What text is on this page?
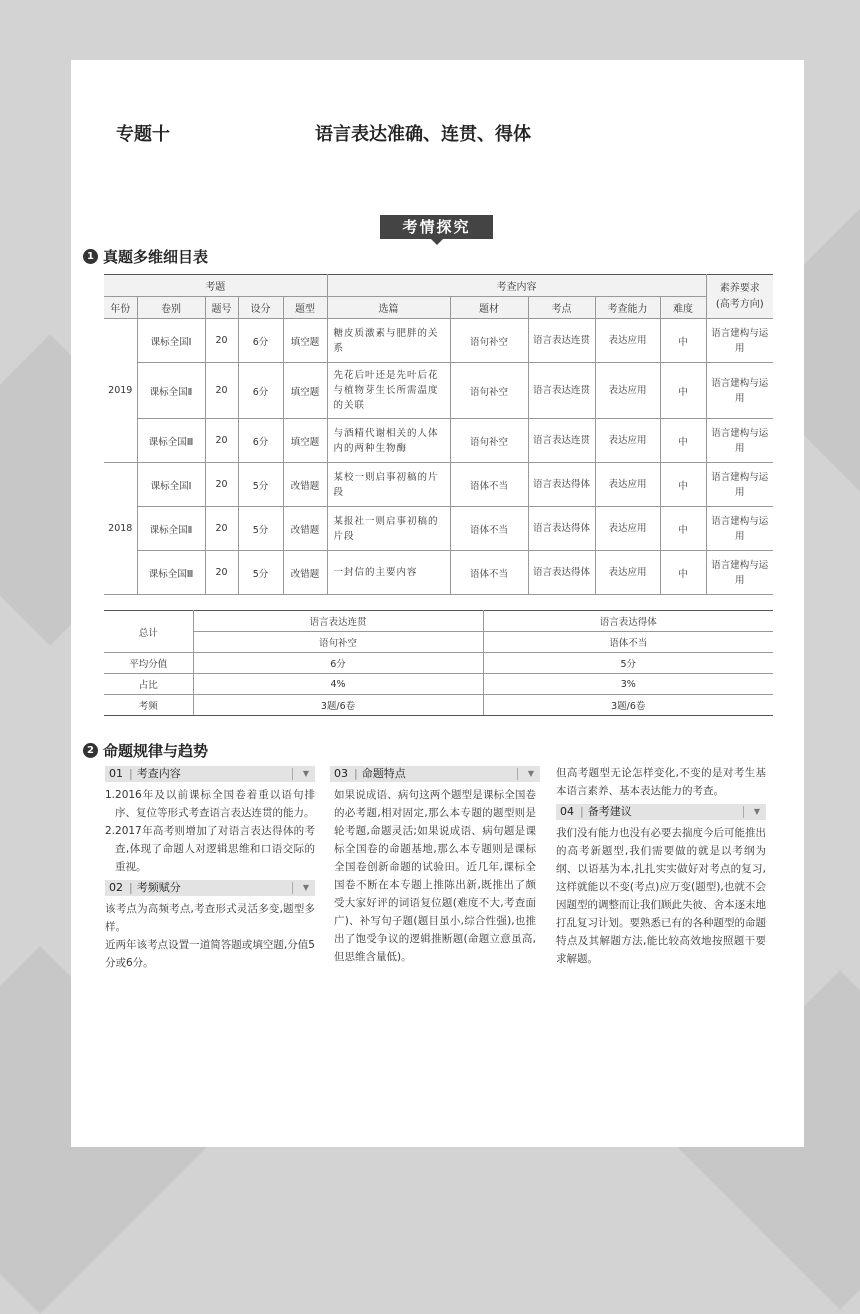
专题十	语言表达准确、连贯、得体
考情探究
1 真题多维细目表
考题					考查内容					素养要求
(高考方向)
年份	卷别	题号	设分	题型	选篇	题材	考点	考查能力	难度	
2019	课标全国Ⅰ	20	6分	填空题	糖皮质激素与肥胖的关系	语句补空	语言表达连贯	表达应用	中	语言建构与运用
	课标全国Ⅱ	20	6分	填空题	先花后叶还是先叶后花与植物芽生长所需温度的关联	语句补空	语言表达连贯	表达应用	中	语言建构与运用
	课标全国Ⅲ	20	6分	填空题	与酒精代谢相关的人体内的两种生物酶	语句补空	语言表达连贯	表达应用	中	语言建构与运用
2018	课标全国Ⅰ	20	5分	改错题	某校一则启事初稿的片段	语体不当	语言表达得体	表达应用	中	语言建构与运用
	课标全国Ⅱ	20	5分	改错题	某报社一则启事初稿的片段	语体不当	语言表达得体	表达应用	中	语言建构与运用
	课标全国Ⅲ	20	5分	改错题	一封信的主要内容	语体不当	语言表达得体	表达应用	中	语言建构与运用
总计	语言表达连贯	语言表达得体
	语句补空	语体不当
平均分值	6分	5分
占比	4%	3%
考频	3题/6卷	3题/6卷
2 命题规律与趋势
01 | 考查内容	▼

1.2016年及以前课标全国卷着重以语句排序、复位等形式考查语言表达连贯的能力。

2.2017年高考则增加了对语言表达得体的考查,体现了命题人对逻辑思维和口语交际的重视。

02 | 考频赋分	▼

该考点为高频考点,考查形式灵活多变,题型多样。

近两年该考点设置一道简答题或填空题,分值5分或6分。

03 | 命题特点	▼

如果说成语、病句这两个题型是课标全国卷的必考题,相对固定,那么本专题的题型则是轮考题,命题灵活;如果说成语、病句题是课标全国卷的命题基地,那么本专题则是课标全国卷创新命题的试验田。近几年,课标全国卷不断在本专题上推陈出新,既推出了颇受大家好评的词语复位题(难度不大,考查面广)、补写句子题(题目虽小,综合性强),也推出了饱受争议的逻辑推断题(命题立意虽高,但思维含量低)。

但高考题型无论怎样变化,不变的是对考生基本语言素养、基本表达能力的考查。

04 | 备考建议	▼

我们没有能力也没有必要去揣度今后可能推出的高考新题型,我们需要做的就是以考纲为纲、以语基为本,扎扎实实做好对考点的复习,这样就能以不变(考点)应万变(题型),也就不会因题型的调整而让我们顾此失彼、舍本逐末地打乱复习计划。要熟悉已有的各种题型的命题特点及其解题方法,能比较高效地按照题干要求解题。
